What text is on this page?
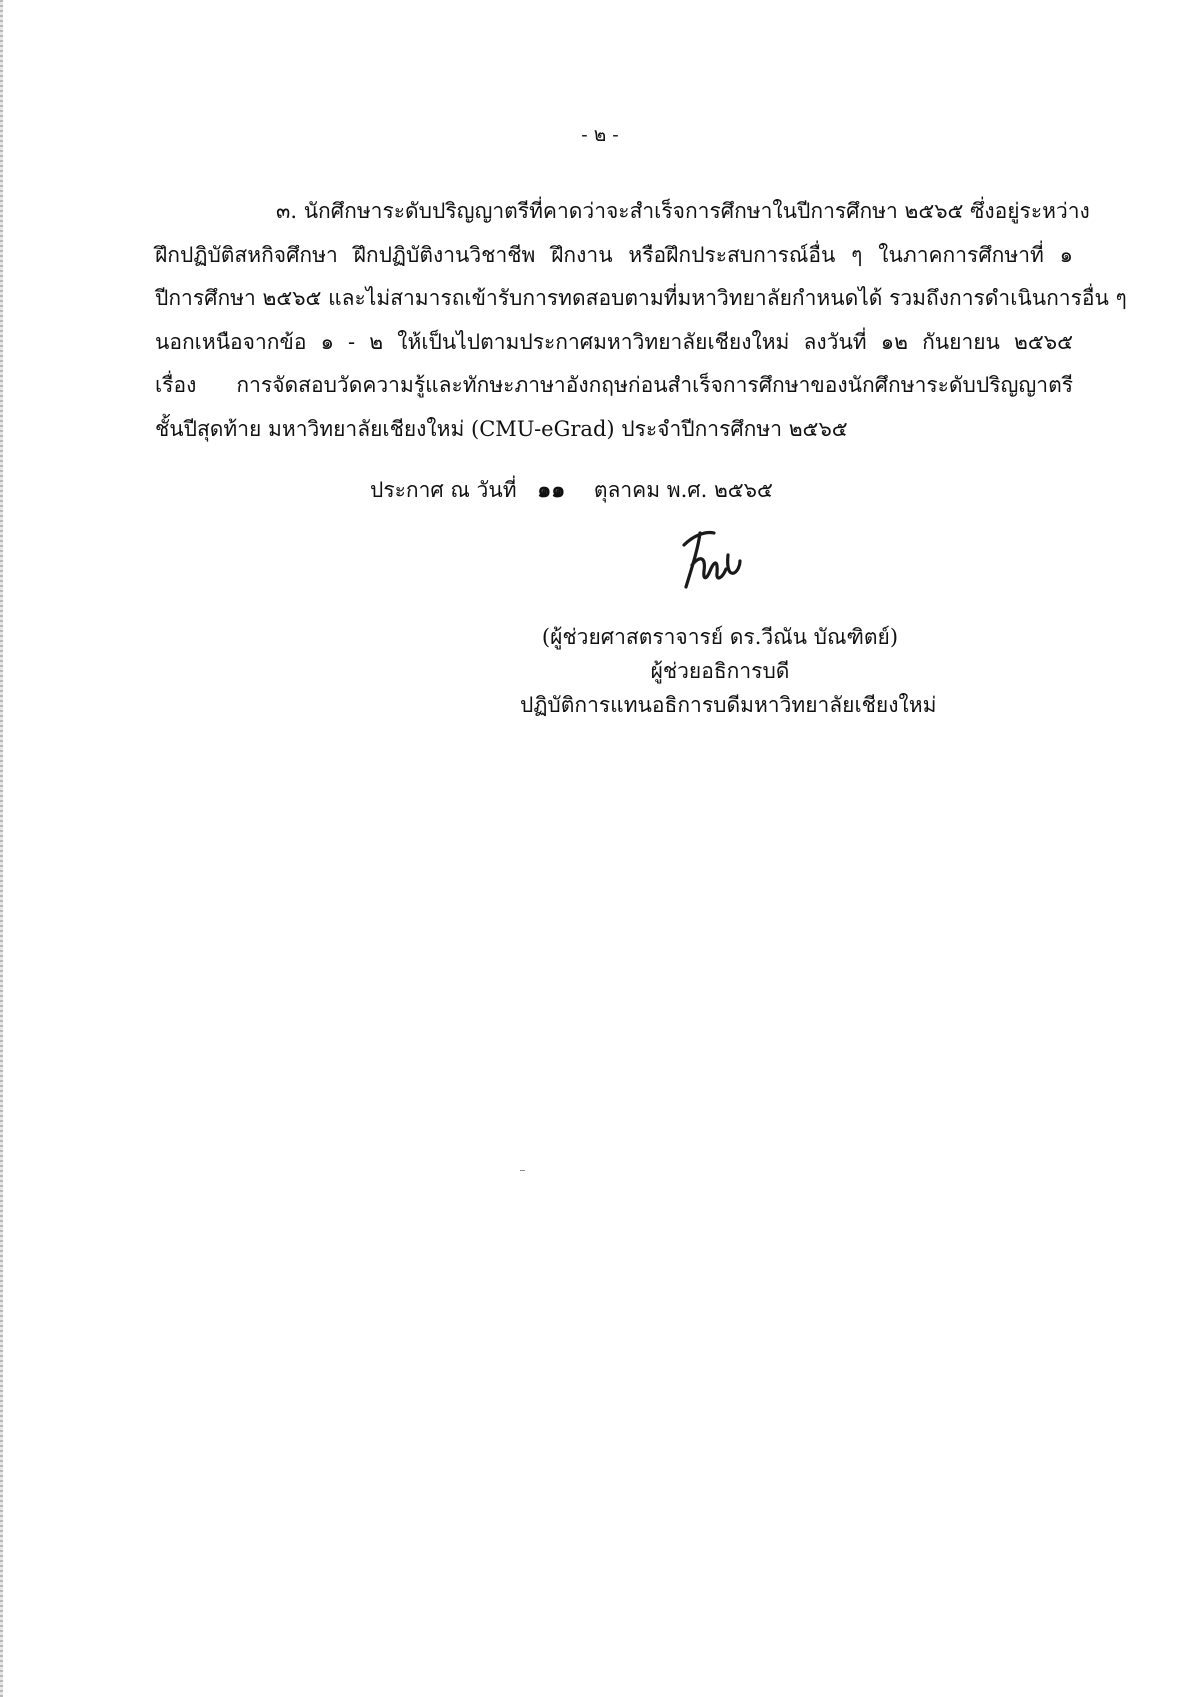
- ๒ -
๓. นักศึกษาระดับปริญญาตรีที่คาดว่าจะสำเร็จการศึกษาในปีการศึกษา ๒๕๖๕ ซึ่งอยู่ระหว่าง
ฝึกปฏิบัติสหกิจศึกษา ฝึกปฏิบัติงานวิชาชีพ ฝึกงาน หรือฝึกประสบการณ์อื่น ๆ ในภาคการศึกษาที่ ๑
ปีการศึกษา ๒๕๖๕ และไม่สามารถเข้ารับการทดสอบตามที่มหาวิทยาลัยกำหนดได้ รวมถึงการดำเนินการอื่น ๆ
นอกเหนือจากข้อ ๑ - ๒ ให้เป็นไปตามประกาศมหาวิทยาลัยเชียงใหม่ ลงวันที่ ๑๒ กันยายน ๒๕๖๕
เรื่อง การจัดสอบวัดความรู้และทักษะภาษาอังกฤษก่อนสำเร็จการศึกษาของนักศึกษาระดับปริญญาตรี
ชั้นปีสุดท้าย มหาวิทยาลัยเชียงใหม่ (CMU-eGrad) ประจำปีการศึกษา ๒๕๖๕
ประกาศ ณ วันที่ ๑๑ ตุลาคม พ.ศ. ๒๕๖๕
(ผู้ช่วยศาสตราจารย์ ดร.วีณัน บัณฑิตย์)
ผู้ช่วยอธิการบดี
ปฏิบัติการแทนอธิการบดีมหาวิทยาลัยเชียงใหม่
